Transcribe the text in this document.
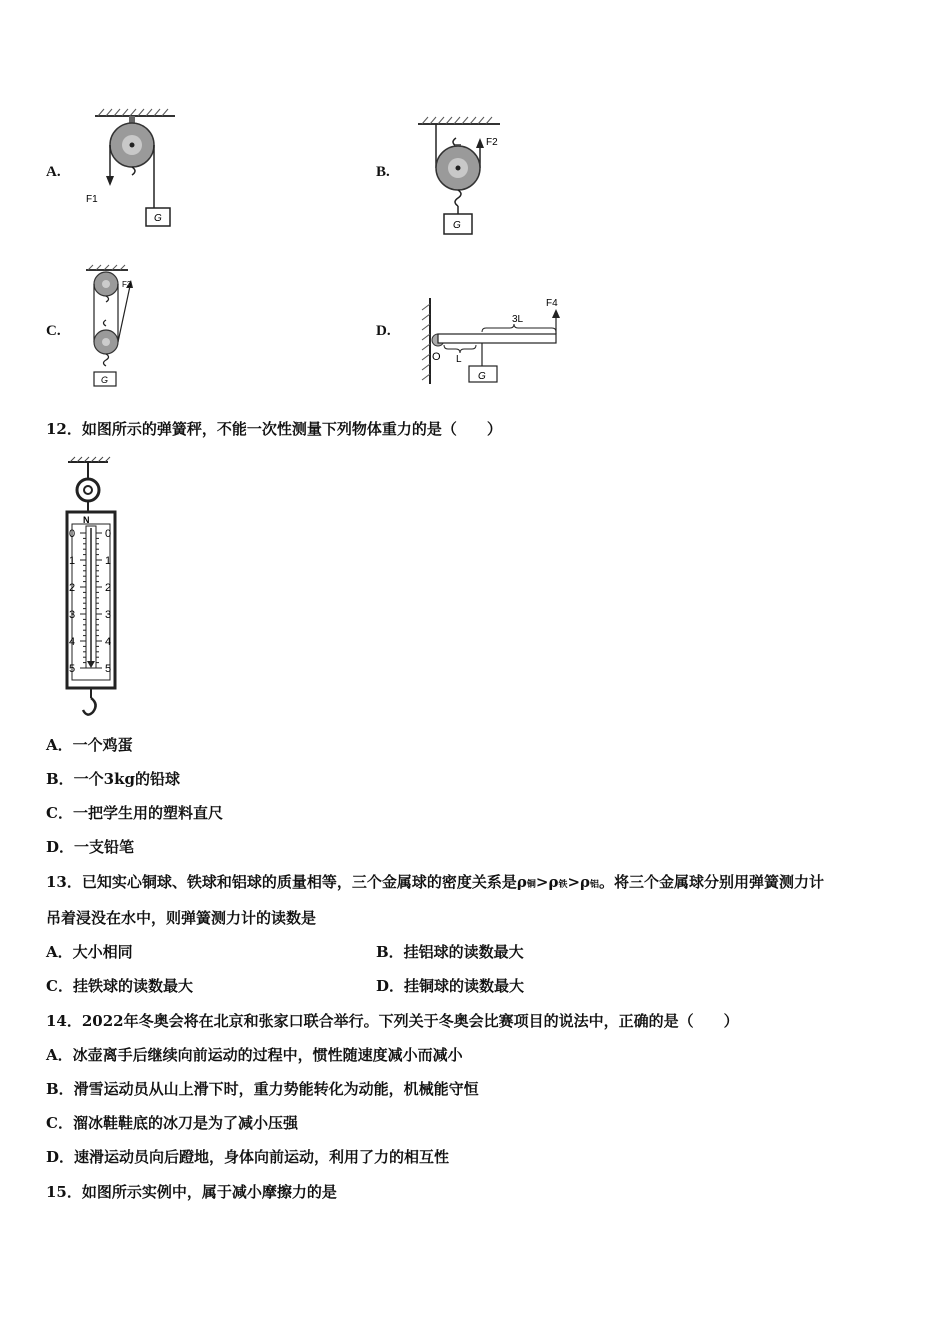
A.	B.
C.	D.
G
F1
G
F2
G
F3
G
O L
3L
F4
12．如图所示的弹簧秤，不能一次性测量下列物体重力的是（　　）
N
0
1
2
3
4
5
0
1
2
3
4
5
A．一个鸡蛋
B．一个3kg的铅球
C．一把学生用的塑料直尺
D．一支铅笔
13．已知实心铜球、铁球和铝球的质量相等，三个金属球的密度关系是ρ铜>ρ铁>ρ铝。将三个金属球分别用弹簧测力计
吊着浸没在水中，则弹簧测力计的读数是
A．大小相同	B．挂铝球的读数最大
C．挂铁球的读数最大	D．挂铜球的读数最大
14．2022年冬奥会将在北京和张家口联合举行。下列关于冬奥会比赛项目的说法中，正确的是（　　）
A．冰壶离手后继续向前运动的过程中，惯性随速度减小而减小
B．滑雪运动员从山上滑下时，重力势能转化为动能，机械能守恒
C．溜冰鞋鞋底的冰刀是为了减小压强
D．速滑运动员向后蹬地，身体向前运动，利用了力的相互性
15．如图所示实例中，属于减小摩擦力的是
